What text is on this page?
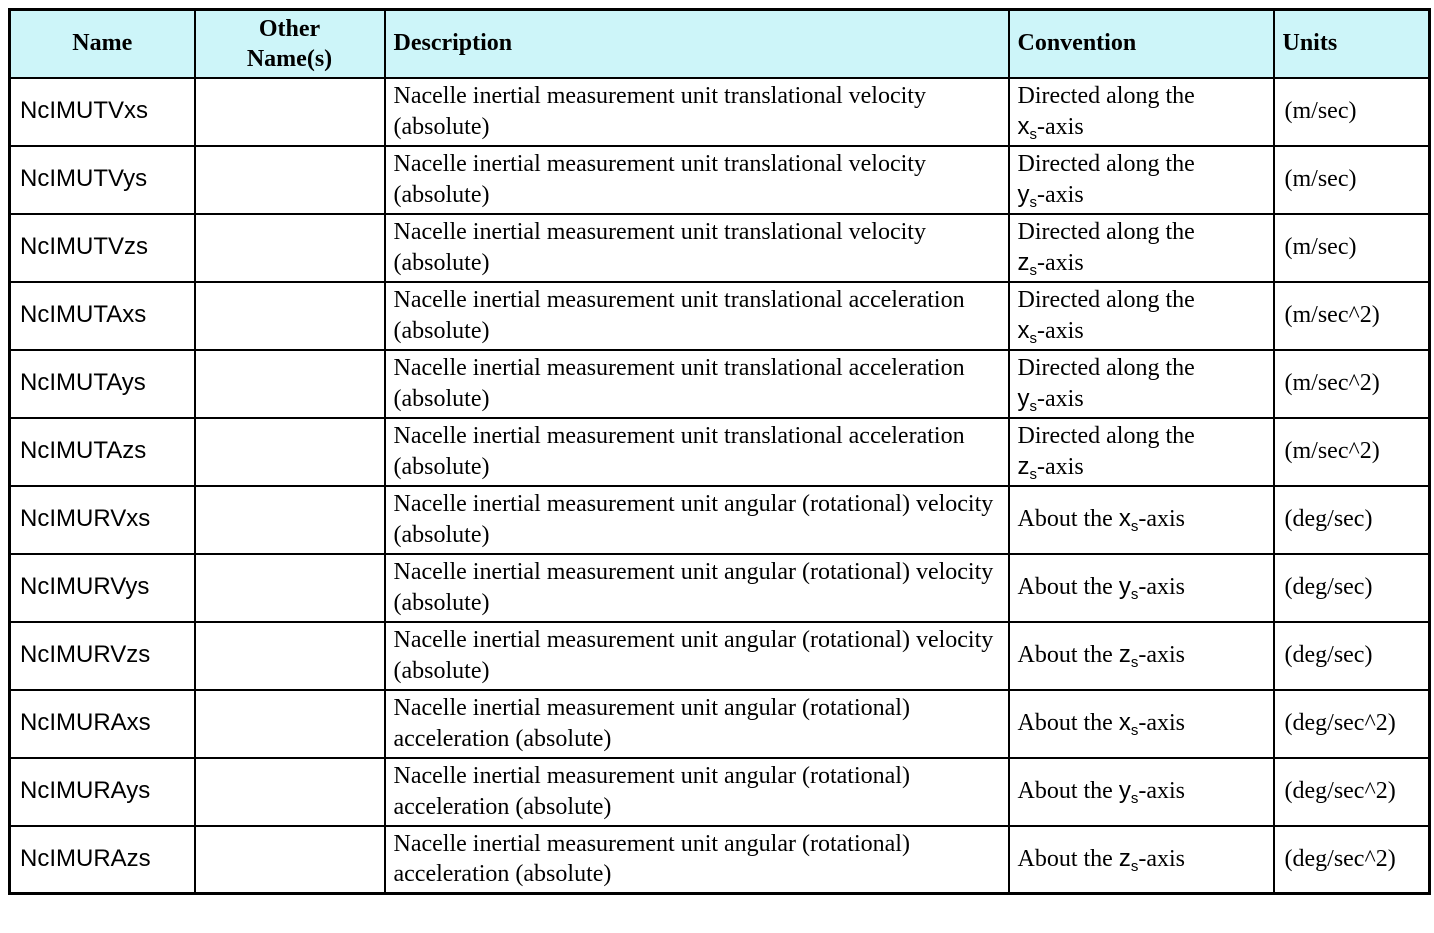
Name	Other Name(s)	Description	Convention	Units
NcIMUTVxs		Nacelle inertial measurement unit translational velocity (absolute)	Directed along the $x_s$-axis	(m/sec)
NcIMUTVys		Nacelle inertial measurement unit translational velocity (absolute)	Directed along the $y_s$-axis	(m/sec)
NcIMUTVzs		Nacelle inertial measurement unit translational velocity (absolute)	Directed along the $z_s$-axis	(m/sec)
NcIMUTAxs		Nacelle inertial measurement unit translational acceleration (absolute)	Directed along the $x_s$-axis	(m/sec^2)
NcIMUTAys		Nacelle inertial measurement unit translational acceleration (absolute)	Directed along the $y_s$-axis	(m/sec^2)
NcIMUTAzs		Nacelle inertial measurement unit translational acceleration (absolute)	Directed along the $z_s$-axis	(m/sec^2)
NcIMURVxs		Nacelle inertial measurement unit angular (rotational) velocity (absolute)	About the $x_s$-axis	(deg/sec)
NcIMURVys		Nacelle inertial measurement unit angular (rotational) velocity (absolute)	About the $y_s$-axis	(deg/sec)
NcIMURVzs		Nacelle inertial measurement unit angular (rotational) velocity (absolute)	About the $z_s$-axis	(deg/sec)
NcIMURAxs		Nacelle inertial measurement unit angular (rotational) acceleration (absolute)	About the $x_s$-axis	(deg/sec^2)
NcIMURAys		Nacelle inertial measurement unit angular (rotational) acceleration (absolute)	About the $y_s$-axis	(deg/sec^2)
NcIMURAzs		Nacelle inertial measurement unit angular (rotational) acceleration (absolute)	About the $z_s$-axis	(deg/sec^2)
